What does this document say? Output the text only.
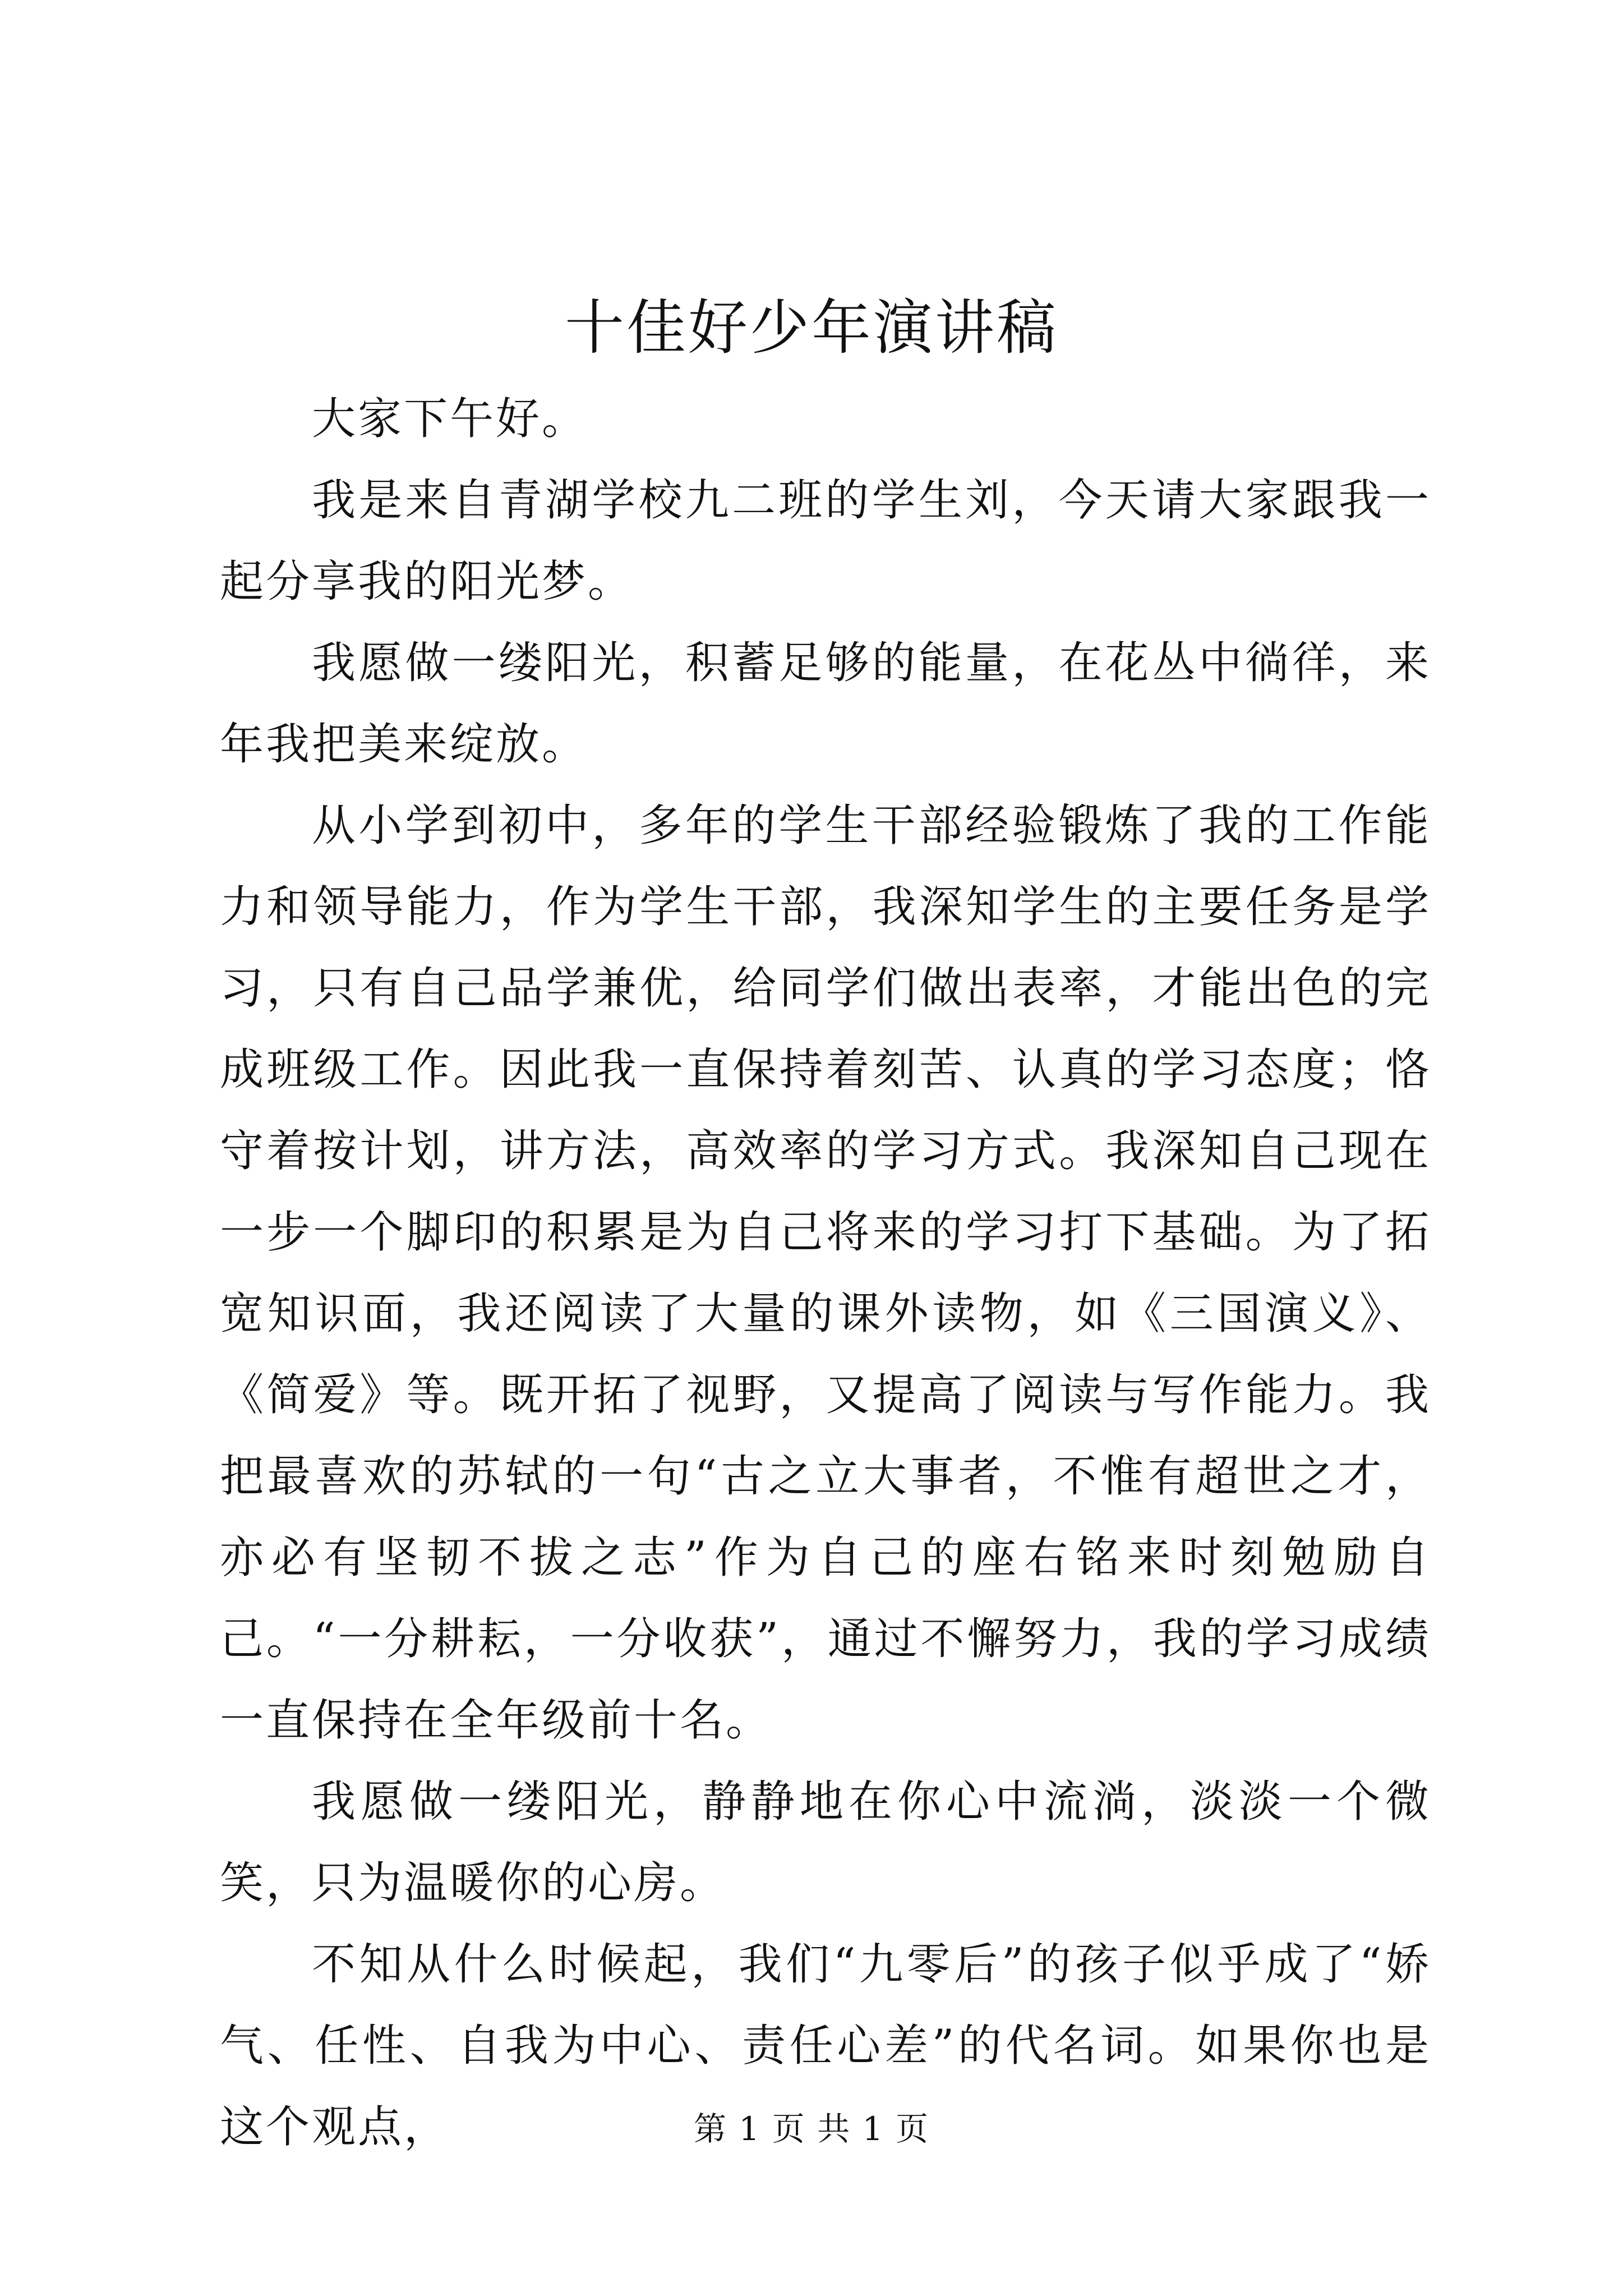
十佳好少年演讲稿

大家下午好。

我是来自青湖学校九二班的学生刘，今天请大家跟我一起分享我的阳光梦。

我愿做一缕阳光，积蓄足够的能量，在花丛中徜徉，来年我把美来绽放。

从小学到初中，多年的学生干部经验锻炼了我的工作能力和领导能力，作为学生干部，我深知学生的主要任务是学习，只有自己品学兼优，给同学们做出表率，才能出色的完成班级工作。因此我一直保持着刻苦、认真的学习态度；恪守着按计划，讲方法，高效率的学习方式。我深知自己现在一步一个脚印的积累是为自己将来的学习打下基础。为了拓宽知识面，我还阅读了大量的课外读物，如《三国演义》、《简爱》等。既开拓了视野，又提高了阅读与写作能力。我把最喜欢的苏轼的一句“古之立大事者，不惟有超世之才，亦必有坚韧不拔之志”作为自己的座右铭来时刻勉励自己。“一分耕耘，一分收获”，通过不懈努力，我的学习成绩一直保持在全年级前十名。

我愿做一缕阳光，静静地在你心中流淌，淡淡一个微笑，只为温暖你的心房。

不知从什么时候起，我们“九零后”的孩子似乎成了“娇气、任性、自我为中心、责任心差”的代名词。如果你也是这个观点，	第 1 页 共 1 页
